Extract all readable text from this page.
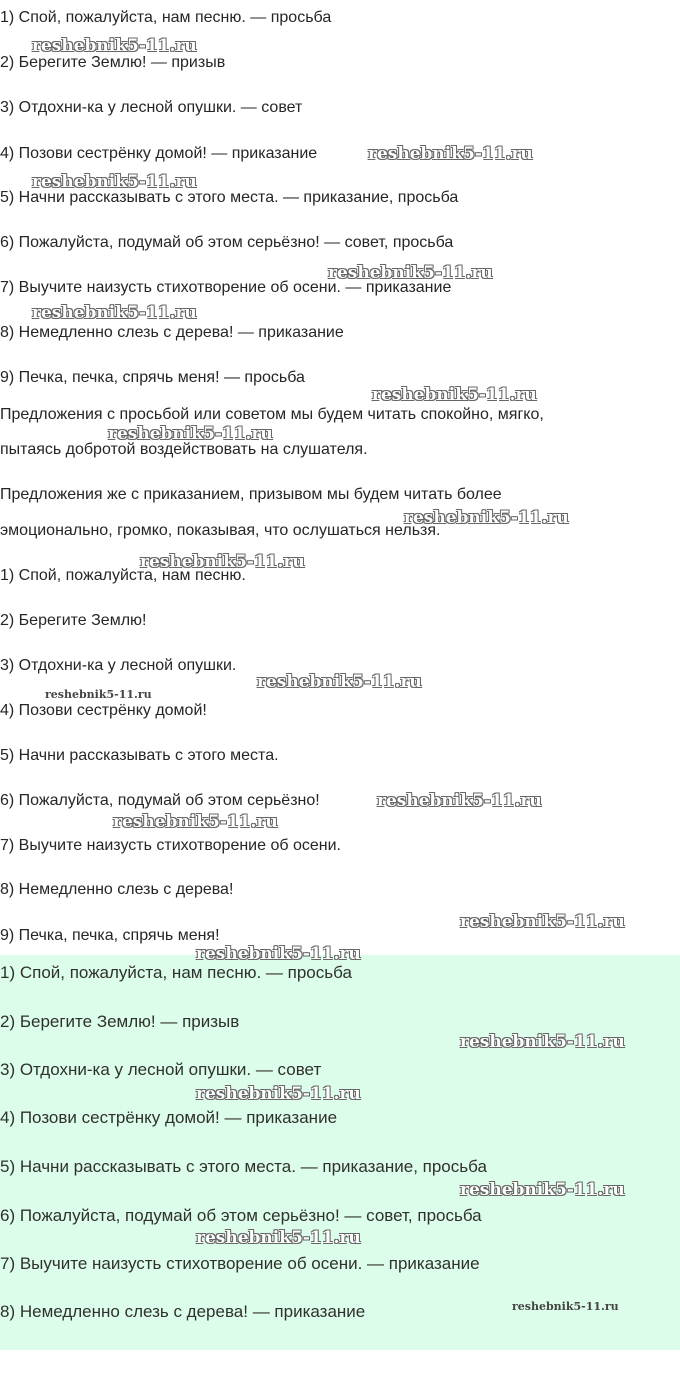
1) Спой, пожалуйста, нам песню. — просьба
2) Берегите Землю! — призыв
3) Отдохни-ка у лесной опушки. — совет
4) Позови сестрёнку домой! — приказание
5) Начни рассказывать с этого места. — приказание, просьба
6) Пожалуйста, подумай об этом серьёзно! — совет, просьба
7) Выучите наизусть стихотворение об осени. — приказание
8) Немедленно слезь с дерева! — приказание
9) Печка, печка, спрячь меня! — просьба
Предложения с просьбой или советом мы будем читать спокойно, мягко,
пытаясь добротой воздействовать на слушателя.
Предложения же с приказанием, призывом мы будем читать более
эмоционально, громко, показывая, что ослушаться нельзя.
1) Спой, пожалуйста, нам песню.
2) Берегите Землю!
3) Отдохни-ка у лесной опушки.
4) Позови сестрёнку домой!
5) Начни рассказывать с этого места.
6) Пожалуйста, подумай об этом серьёзно!
7) Выучите наизусть стихотворение об осени.
8) Немедленно слезь с дерева!
9) Печка, печка, спрячь меня!
1) Спой, пожалуйста, нам песню. — просьба
2) Берегите Землю! — призыв
3) Отдохни-ка у лесной опушки. — совет
4) Позови сестрёнку домой! — приказание
5) Начни рассказывать с этого места. — приказание, просьба
6) Пожалуйста, подумай об этом серьёзно! — совет, просьба
7) Выучите наизусть стихотворение об осени. — приказание
8) Немедленно слезь с дерева! — приказание
reshebnik5-11.ru
reshebnik5-11.ru
reshebnik5-11.ru
reshebnik5-11.ru
reshebnik5-11.ru
reshebnik5-11.ru
reshebnik5-11.ru
reshebnik5-11.ru
reshebnik5-11.ru
reshebnik5-11.ru
reshebnik5-11.ru
reshebnik5-11.ru
reshebnik5-11.ru
reshebnik5-11.ru
reshebnik5-11.ru
reshebnik5-11.ru
reshebnik5-11.ru
reshebnik5-11.ru
reshebnik5-11.ru
reshebnik5-11.ru
